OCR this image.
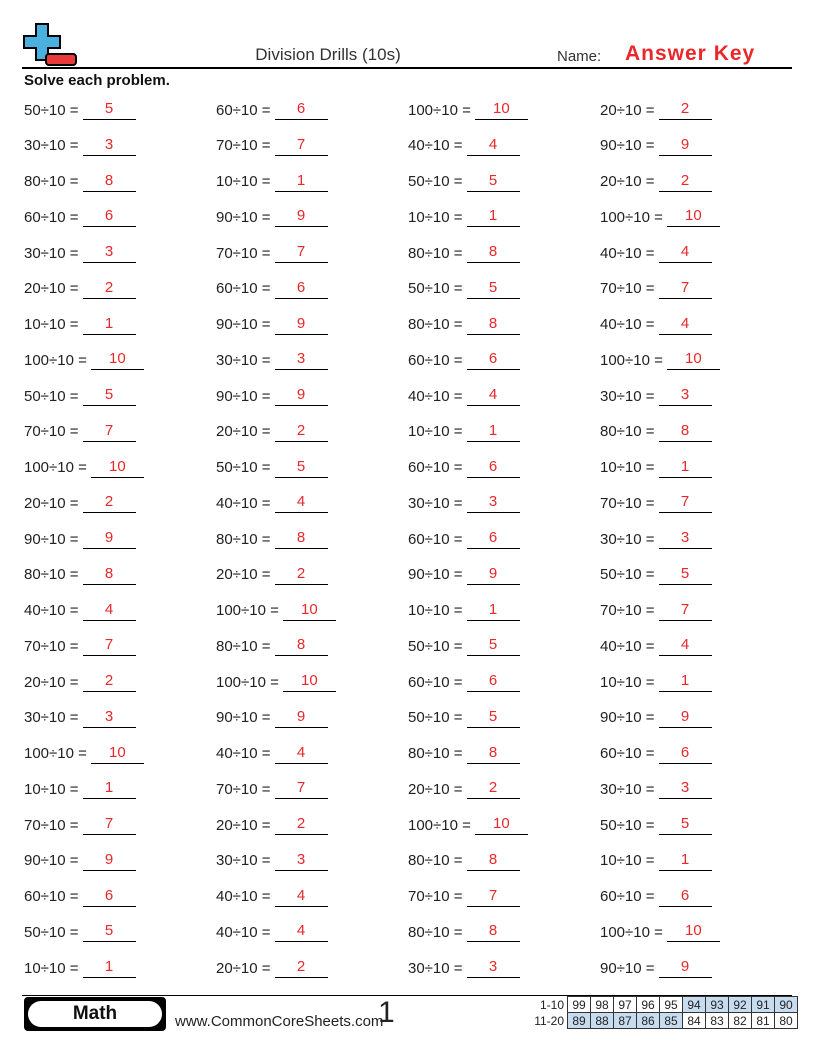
Division Drills (10s)	Name: Answer Key
Solve each problem.
50÷10 =	5	60÷10 =	6	100÷10 =	10	20÷10 =	2
30÷10 =	3	70÷10 =	7	40÷10 =	4	90÷10 =	9
80÷10 =	8	10÷10 =	1	50÷10 =	5	20÷10 =	2
60÷10 =	6	90÷10 =	9	10÷10 =	1	100÷10 =	10
30÷10 =	3	70÷10 =	7	80÷10 =	8	40÷10 =	4
20÷10 =	2	60÷10 =	6	50÷10 =	5	70÷10 =	7
10÷10 =	1	90÷10 =	9	80÷10 =	8	40÷10 =	4
100÷10 =	10	30÷10 =	3	60÷10 =	6	100÷10 =	10
50÷10 =	5	90÷10 =	9	40÷10 =	4	30÷10 =	3
70÷10 =	7	20÷10 =	2	10÷10 =	1	80÷10 =	8
100÷10 =	10	50÷10 =	5	60÷10 =	6	10÷10 =	1
20÷10 =	2	40÷10 =	4	30÷10 =	3	70÷10 =	7
90÷10 =	9	80÷10 =	8	60÷10 =	6	30÷10 =	3
80÷10 =	8	20÷10 =	2	90÷10 =	9	50÷10 =	5
40÷10 =	4	100÷10 =	10	10÷10 =	1	70÷10 =	7
70÷10 =	7	80÷10 =	8	50÷10 =	5	40÷10 =	4
20÷10 =	2	100÷10 =	10	60÷10 =	6	10÷10 =	1
30÷10 =	3	90÷10 =	9	50÷10 =	5	90÷10 =	9
100÷10 =	10	40÷10 =	4	80÷10 =	8	60÷10 =	6
10÷10 =	1	70÷10 =	7	20÷10 =	2	30÷10 =	3
70÷10 =	7	20÷10 =	2	100÷10 =	10	50÷10 =	5
90÷10 =	9	30÷10 =	3	80÷10 =	8	10÷10 =	1
60÷10 =	6	40÷10 =	4	70÷10 =	7	60÷10 =	6
50÷10 =	5	40÷10 =	4	80÷10 =	8	100÷10 =	10
10÷10 =	1	20÷10 =	2	30÷10 =	3	90÷10 =	9
Math	www.CommonCoreSheets.com
1	1-10	99	98	97	96	95	94	93	92	91	90
11-20	89	88	87	86	85	84	83	82	81	80
